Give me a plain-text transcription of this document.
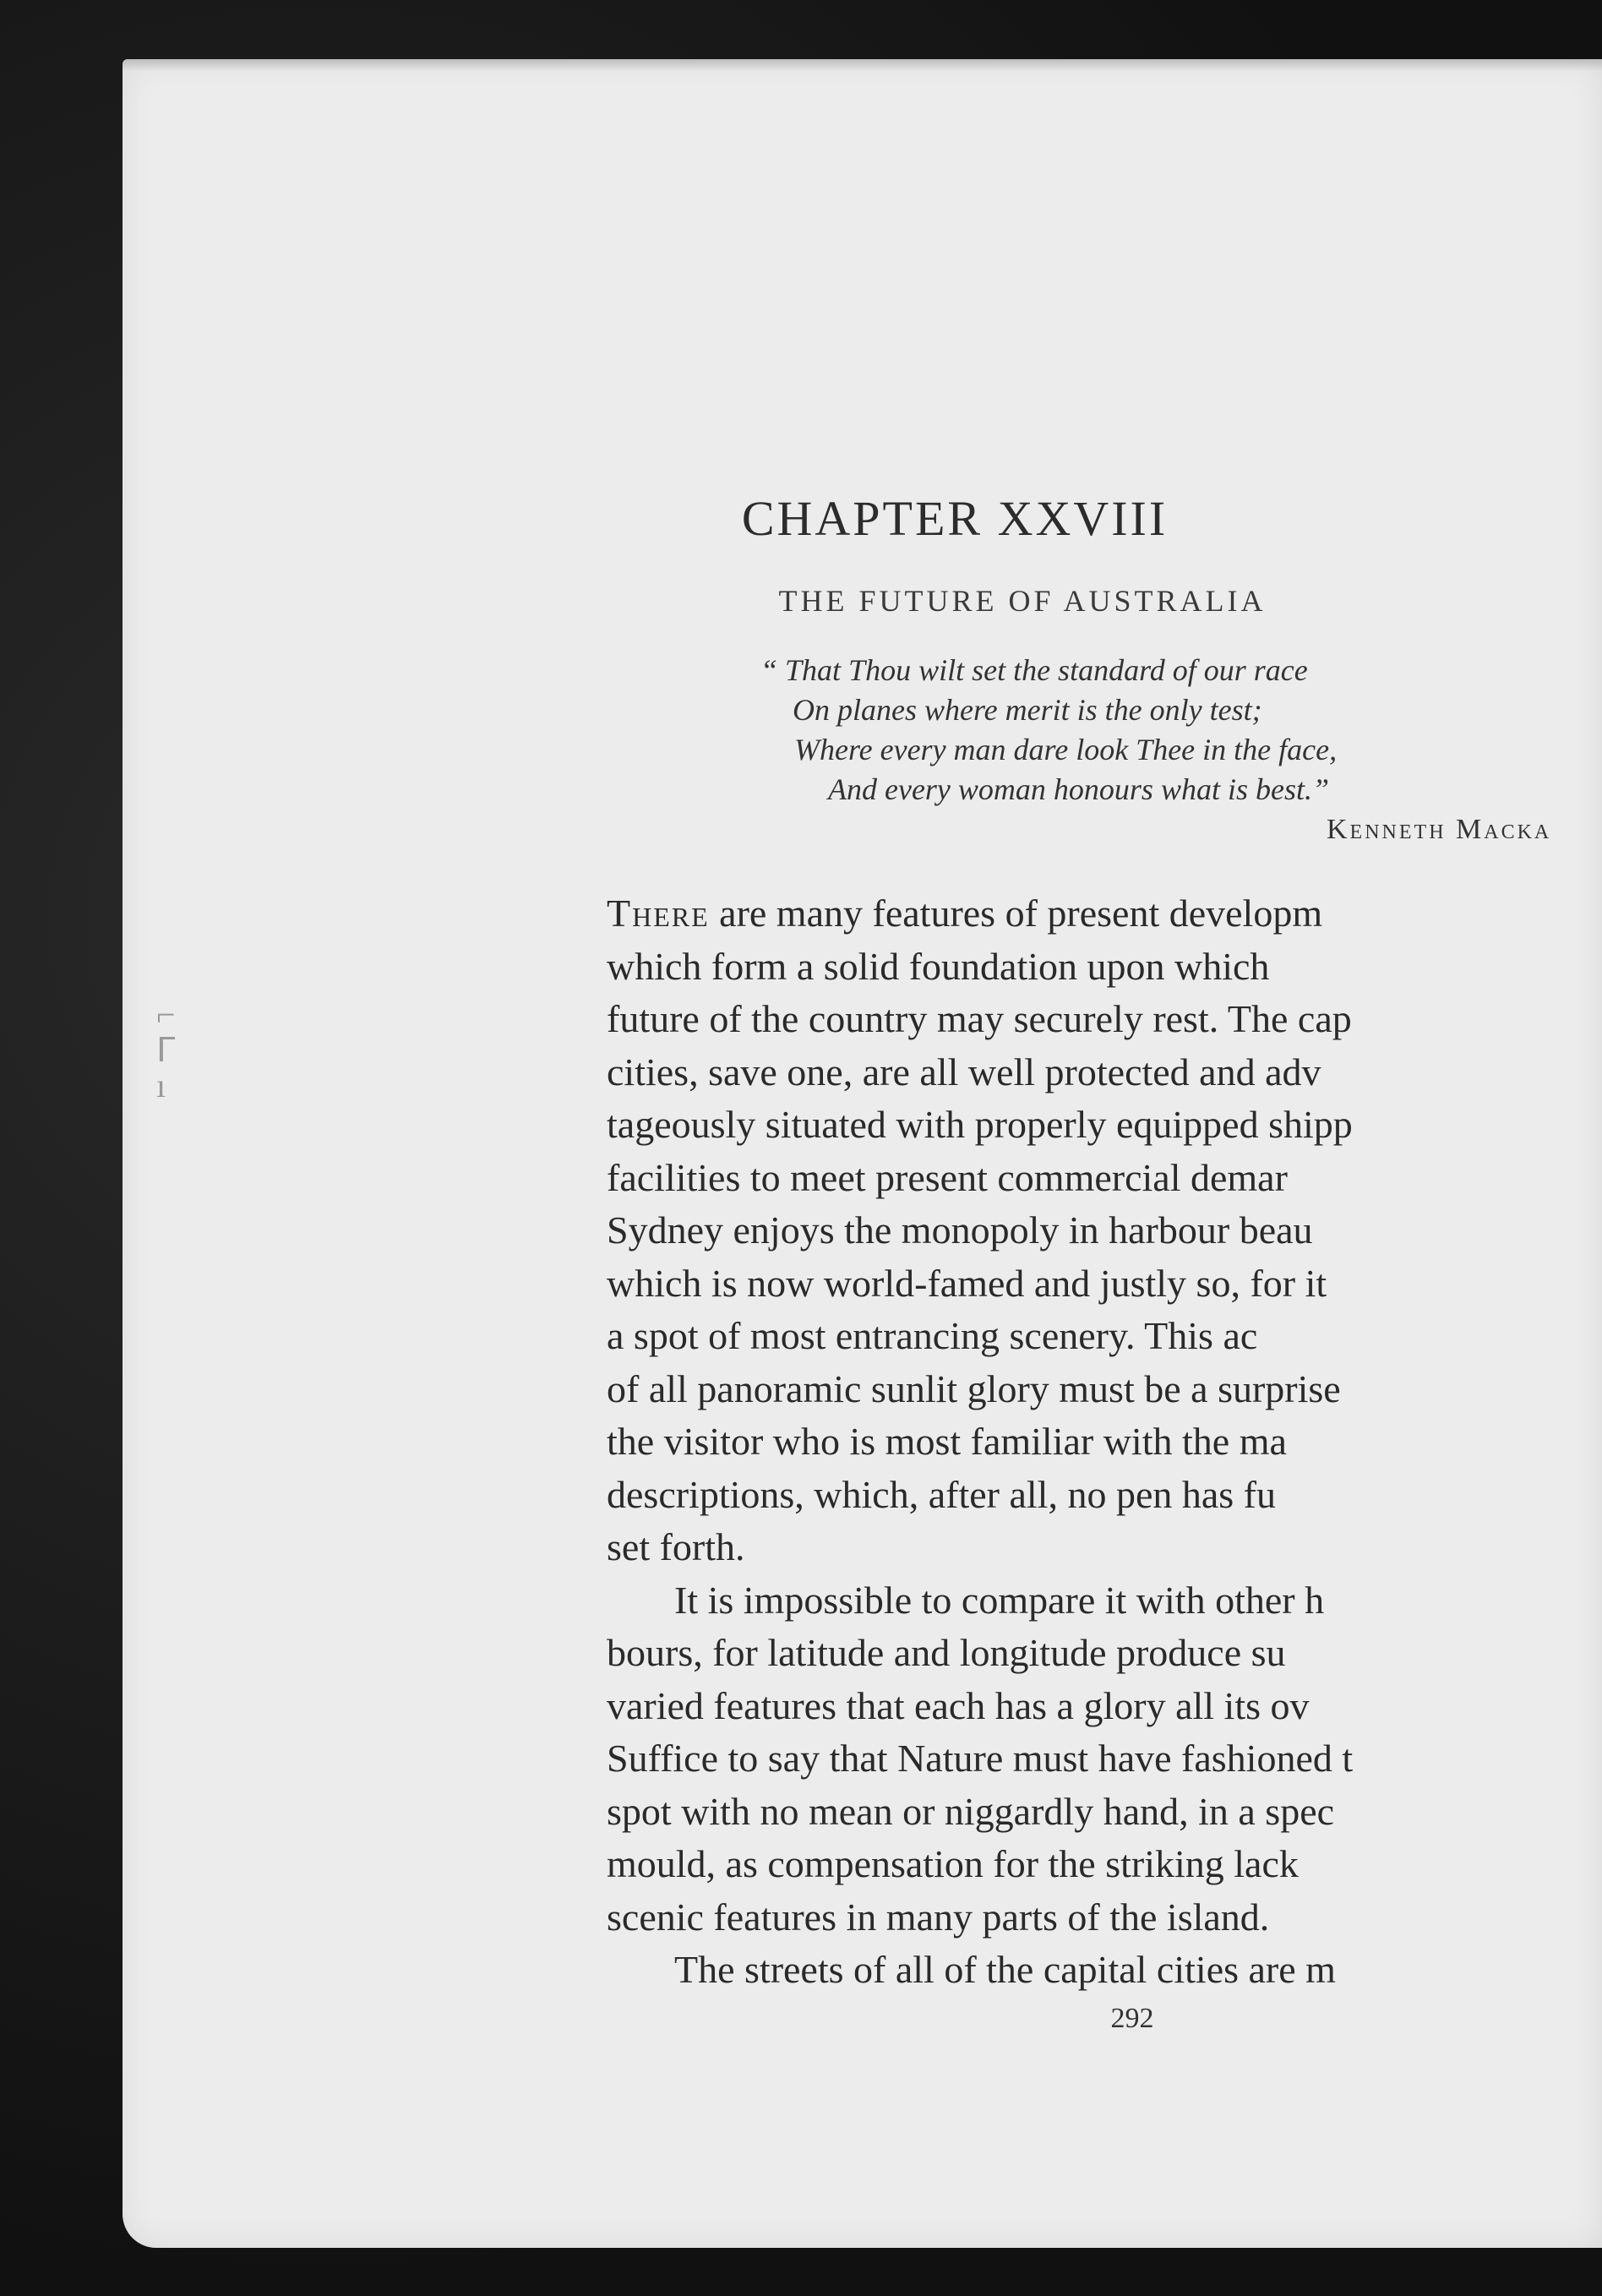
⌐
ᒥ
ı
CHAPTER XXVIII
THE FUTURE OF AUSTRALIA
“ That Thou wilt set the standard of our race
On planes where merit is the only test;
Where every man dare look Thee in the face,
And every woman honours what is best.”
Kenneth Macka

There are many features of present developm
which form a solid foundation upon which
future of the country may securely rest. The cap
cities, save one, are all well protected and adv
tageously situated with properly equipped shipp
facilities to meet present commercial demar
Sydney enjoys the monopoly in harbour beau
which is now world-famed and justly so, for it
a spot of most entrancing scenery. This ac
of all panoramic sunlit glory must be a surprise
the visitor who is most familiar with the ma
descriptions, which, after all, no pen has fu
set forth.

It is impossible to compare it with other h
bours, for latitude and longitude produce su
varied features that each has a glory all its ov
Suffice to say that Nature must have fashioned t
spot with no mean or niggardly hand, in a spec
mould, as compensation for the striking lack
scenic features in many parts of the island.

The streets of all of the capital cities are m

292
